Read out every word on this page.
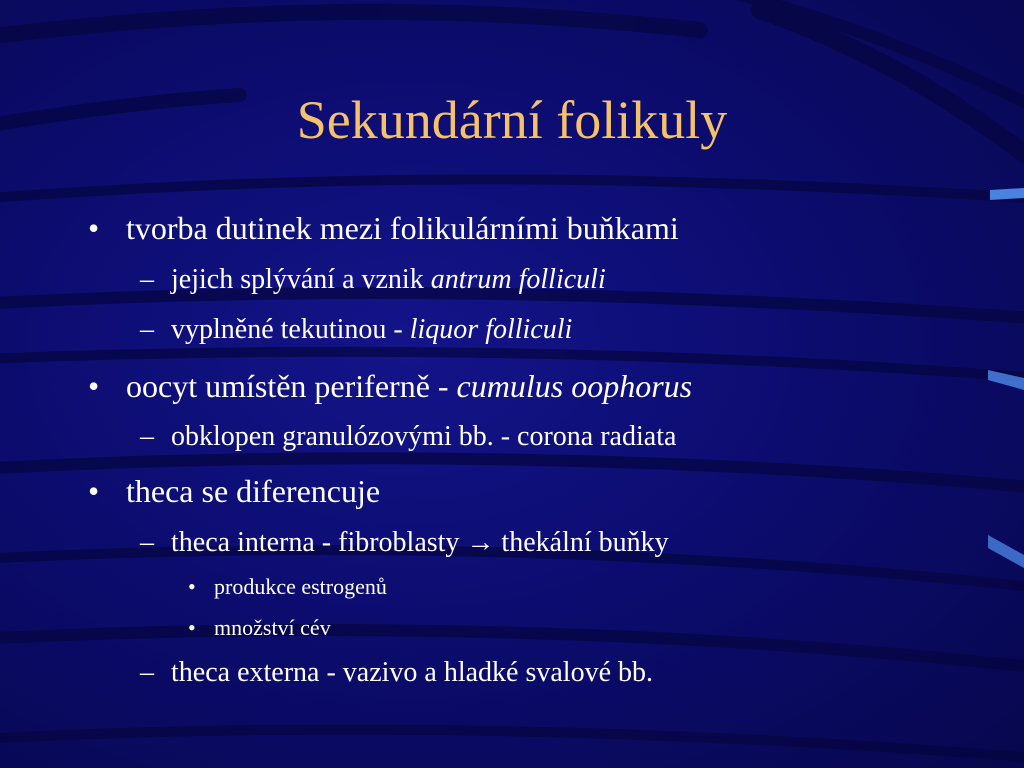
Sekundární folikuly
• tvorba dutinek mezi folikulárními buňkami
– jejich splývání a vznik antrum folliculi
– vyplněné tekutinou - liquor folliculi
• oocyt umístěn periferně - cumulus oophorus
– obklopen granulózovými bb. - corona radiata
• theca se diferencuje
– theca interna - fibroblasty → thekální buňky
• produkce estrogenů
• množství cév
– theca externa - vazivo a hladké svalové bb.
